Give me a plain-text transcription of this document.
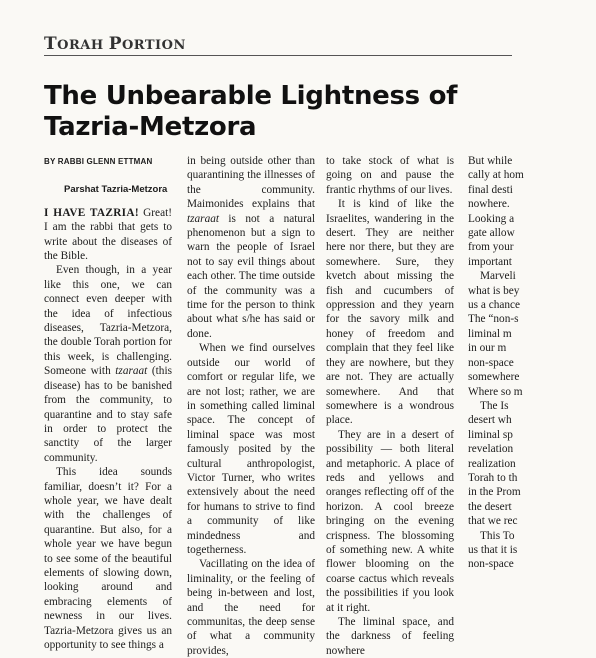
TORAH PORTION
The Unbearable Lightness of
Tazria-Metzora
BY RABBI GLENN ETTMAN
Parshat Tazria-Metzora

I HAVE TAZRIA! Great! I am the rabbi that gets to write about the diseases of the Bible.

Even though, in a year like this one, we can connect even deeper with the idea of infectious diseases, Tazria-Metzora, the double Torah portion for this week, is challenging. Someone with tzaraat (this disease) has to be banished from the community, to quarantine and to stay safe in order to protect the sanctity of the larger community.

This idea sounds familiar, doesn’t it? For a whole year, we have dealt with the challenges of quarantine. But also, for a whole year we have begun to see some of the beautiful elements of slowing down, looking around and embracing elements of newness in our lives. Tazria-Metzora gives us an opportunity to see things a

in being outside other than quarantining the illnesses of the community. Maimonides explains that tzaraat is not a natural phenomenon but a sign to warn the people of Israel not to say evil things about each other. The time outside of the community was a time for the person to think about what s/he has said or done.

When we find ourselves outside our world of comfort or regular life, we are not lost; rather, we are in something called liminal space. The concept of liminal space was most famously posited by the cultural anthropologist, Victor Turner, who writes extensively about the need for humans to strive to find a community of like mindedness and togetherness.

Vacillating on the idea of liminality, or the feeling of being in-between and lost, and the need for communitas, the deep sense of what a community provides,

to take stock of what is going on and pause the frantic rhythms of our lives.

It is kind of like the Israelites, wandering in the desert. They are neither here nor there, but they are somewhere. Sure, they kvetch about missing the fish and cucumbers of oppression and they yearn for the savory milk and honey of freedom and complain that they feel like they are nowhere, but they are not. They are actually somewhere. And that somewhere is a wondrous place.

They are in a desert of possibility — both literal and metaphoric. A place of reds and yellows and oranges reflecting off of the horizon. A cool breeze bringing on the evening crispness. The blossoming of something new. A white flower blooming on the coarse cactus which reveals the possibilities if you look at it right.

The liminal space, and the darkness of feeling nowhere

But while
cally at hom
final desti
nowhere.
Looking a
gate allow
from your
important
Marveli
what is bey
us a chance
The “non-s
liminal m
in our m
non-space
somewhere
Where so m
The Is
desert wh
liminal sp
revelation
realization
Torah to th
in the Prom
the desert
that we rec
This To
us that it is
non-space
